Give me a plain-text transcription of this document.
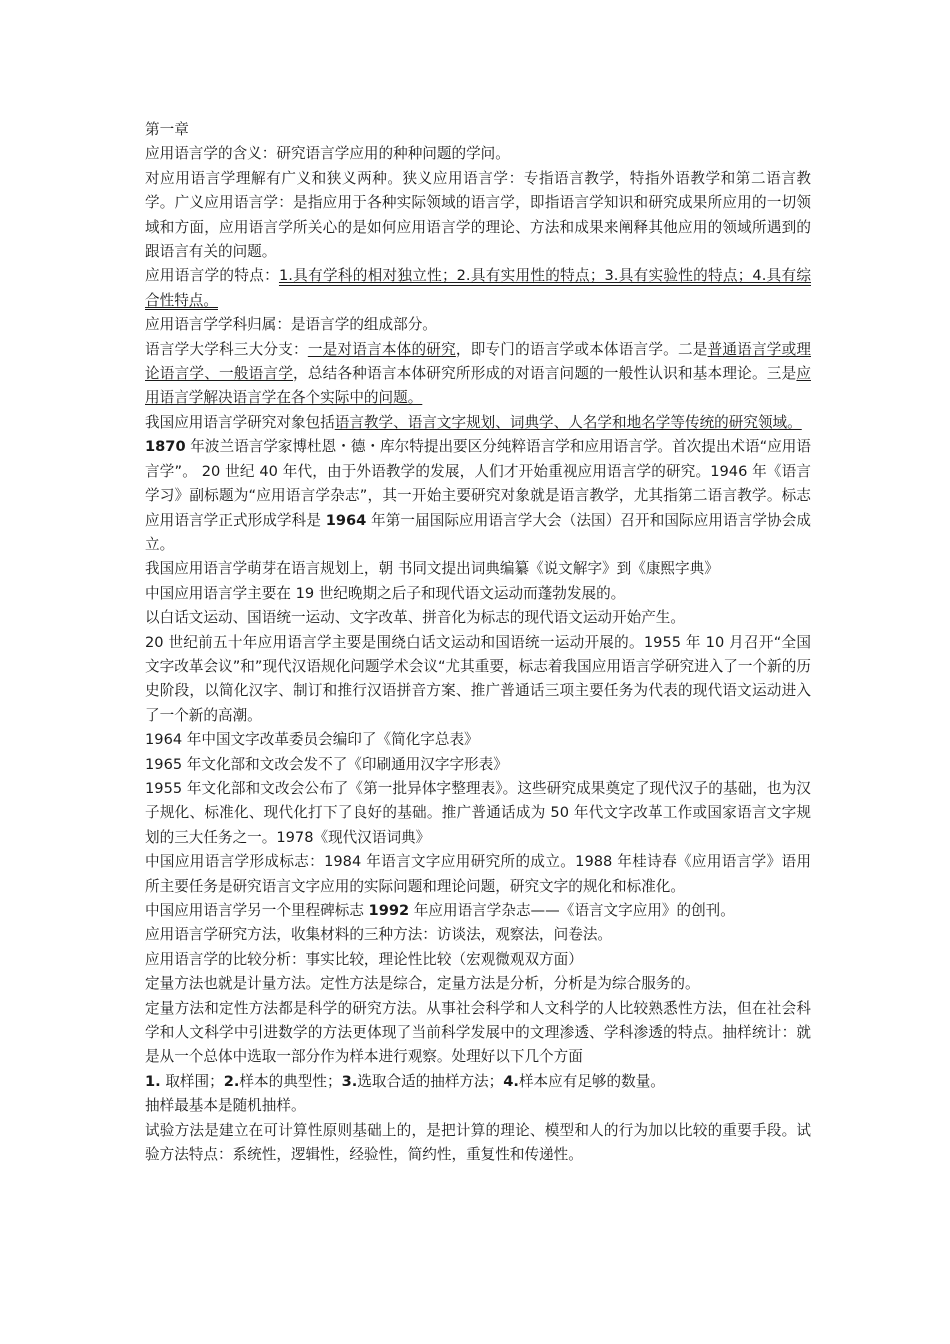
第一章

应用语言学的含义：研究语言学应用的种种问题的学问。

对应用语言学理解有广义和狭义两种。狭义应用语言学：专指语言教学，特指外语教学和第二语言教学。广义应用语言学：是指应用于各种实际领域的语言学，即指语言学知识和研究成果所应用的一切领域和方面，应用语言学所关心的是如何应用语言学的理论、方法和成果来阐释其他应用的领域所遇到的跟语言有关的问题。

应用语言学的特点：1.具有学科的相对独立性；2.具有实用性的特点；3.具有实验性的特点；4.具有综合性特点。

应用语言学学科归属：是语言学的组成部分。

语言学大学科三大分支：一是对语言本体的研究，即专门的语言学或本体语言学。二是普通语言学或理论语言学、一般语言学，总结各种语言本体研究所形成的对语言问题的一般性认识和基本理论。三是应用语言学解决语言学在各个实际中的问题。

我国应用语言学研究对象包括语言教学、语言文字规划、词典学、人名学和地名学等传统的研究领域。

1870 年波兰语言学家博杜恩・德・库尔特提出要区分纯粹语言学和应用语言学。首次提出术语“应用语言学”。 20 世纪 40 年代，由于外语教学的发展，人们才开始重视应用语言学的研究。1946 年《语言学习》副标题为“应用语言学杂志”，其一开始主要研究对象就是语言教学，尤其指第二语言教学。标志应用语言学正式形成学科是 1964 年第一届国际应用语言学大会（法国）召开和国际应用语言学协会成立。

我国应用语言学萌芽在语言规划上，朝 书同文提出词典编纂《说文解字》到《康熙字典》

中国应用语言学主要在 19 世纪晚期之后子和现代语文运动而蓬勃发展的。

以白话文运动、国语统一运动、文字改革、拼音化为标志的现代语文运动开始产生。

20 世纪前五十年应用语言学主要是围绕白话文运动和国语统一运动开展的。1955 年 10 月召开“全国文字改革会议”和”现代汉语规化问题学术会议“尤其重要，标志着我国应用语言学研究进入了一个新的历史阶段，以简化汉字、制订和推行汉语拼音方案、推广普通话三项主要任务为代表的现代语文运动进入了一个新的高潮。

1964 年中国文字改革委员会编印了《简化字总表》

1965 年文化部和文改会发不了《印刷通用汉字字形表》

1955 年文化部和文改会公布了《第一批异体字整理表》。这些研究成果奠定了现代汉子的基础，也为汉子规化、标准化、现代化打下了良好的基础。推广普通话成为 50 年代文字改革工作或国家语言文字规划的三大任务之一。1978《现代汉语词典》

中国应用语言学形成标志：1984 年语言文字应用研究所的成立。1988 年桂诗春《应用语言学》语用所主要任务是研究语言文字应用的实际问题和理论问题，研究文字的规化和标准化。

中国应用语言学另一个里程碑标志 1992 年应用语言学杂志——《语言文字应用》的创刊。

应用语言学研究方法，收集材料的三种方法：访谈法，观察法，问卷法。

应用语言学的比较分析：事实比较，理论性比较（宏观微观双方面）

定量方法也就是计量方法。定性方法是综合，定量方法是分析，分析是为综合服务的。

定量方法和定性方法都是科学的研究方法。从事社会科学和人文科学的人比较熟悉性方法，但在社会科学和人文科学中引进数学的方法更体现了当前科学发展中的文理渗透、学科渗透的特点。抽样统计：就是从一个总体中选取一部分作为样本进行观察。处理好以下几个方面

1. 取样围；2.样本的典型性；3.选取合适的抽样方法；4.样本应有足够的数量。

抽样最基本是随机抽样。

试验方法是建立在可计算性原则基础上的，是把计算的理论、模型和人的行为加以比较的重要手段。试验方法特点：系统性，逻辑性，经验性，简约性，重复性和传递性。
